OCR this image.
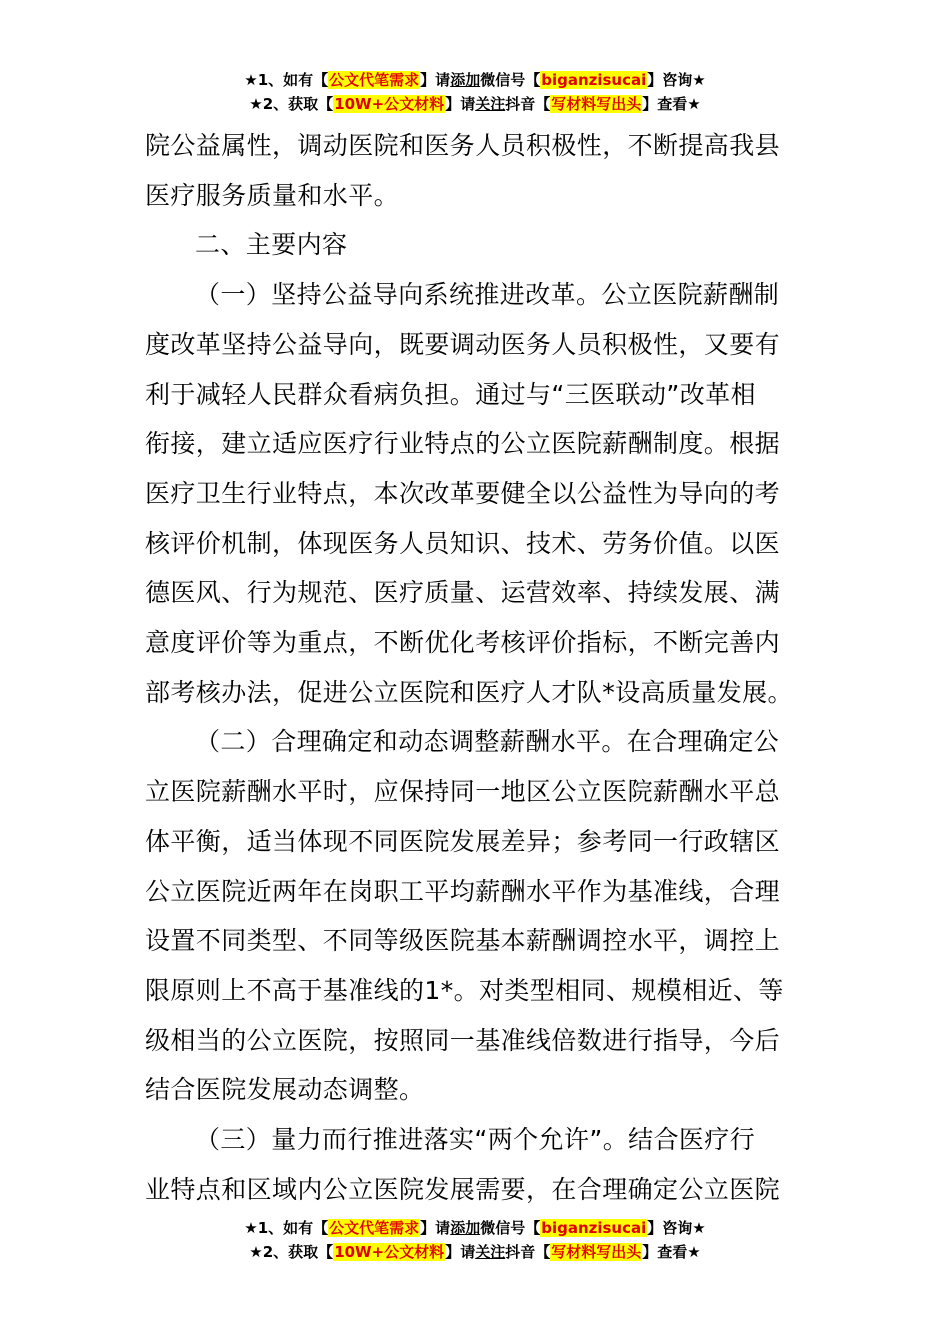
★1、如有【公文代笔需求】请添加微信号【biganzisucai】咨询★
★2、获取【10W+公文材料】请关注抖音【写材料写出头】查看★

院公益属性，调动医院和医务人员积极性，不断提高我县

医疗服务质量和水平。

二、主要内容

（一）坚持公益导向系统推进改革。公立医院薪酬制

度改革坚持公益导向，既要调动医务人员积极性，又要有

利于减轻人民群众看病负担。通过与“三医联动”改革相

衔接，建立适应医疗行业特点的公立医院薪酬制度。根据

医疗卫生行业特点，本次改革要健全以公益性为导向的考

核评价机制，体现医务人员知识、技术、劳务价值。以医

德医风、行为规范、医疗质量、运营效率、持续发展、满

意度评价等为重点，不断优化考核评价指标，不断完善内

部考核办法，促进公立医院和医疗人才队*设高质量发展。

（二）合理确定和动态调整薪酬水平。在合理确定公

立医院薪酬水平时，应保持同一地区公立医院薪酬水平总

体平衡，适当体现不同医院发展差异；参考同一行政辖区

公立医院近两年在岗职工平均薪酬水平作为基准线，合理

设置不同类型、不同等级医院基本薪酬调控水平，调控上

限原则上不高于基准线的1*。对类型相同、规模相近、等

级相当的公立医院，按照同一基准线倍数进行指导，今后

结合医院发展动态调整。

（三）量力而行推进落实“两个允许”。结合医疗行

业特点和区域内公立医院发展需要，在合理确定公立医院

★1、如有【公文代笔需求】请添加微信号【biganzisucai】咨询★
★2、获取【10W+公文材料】请关注抖音【写材料写出头】查看★
